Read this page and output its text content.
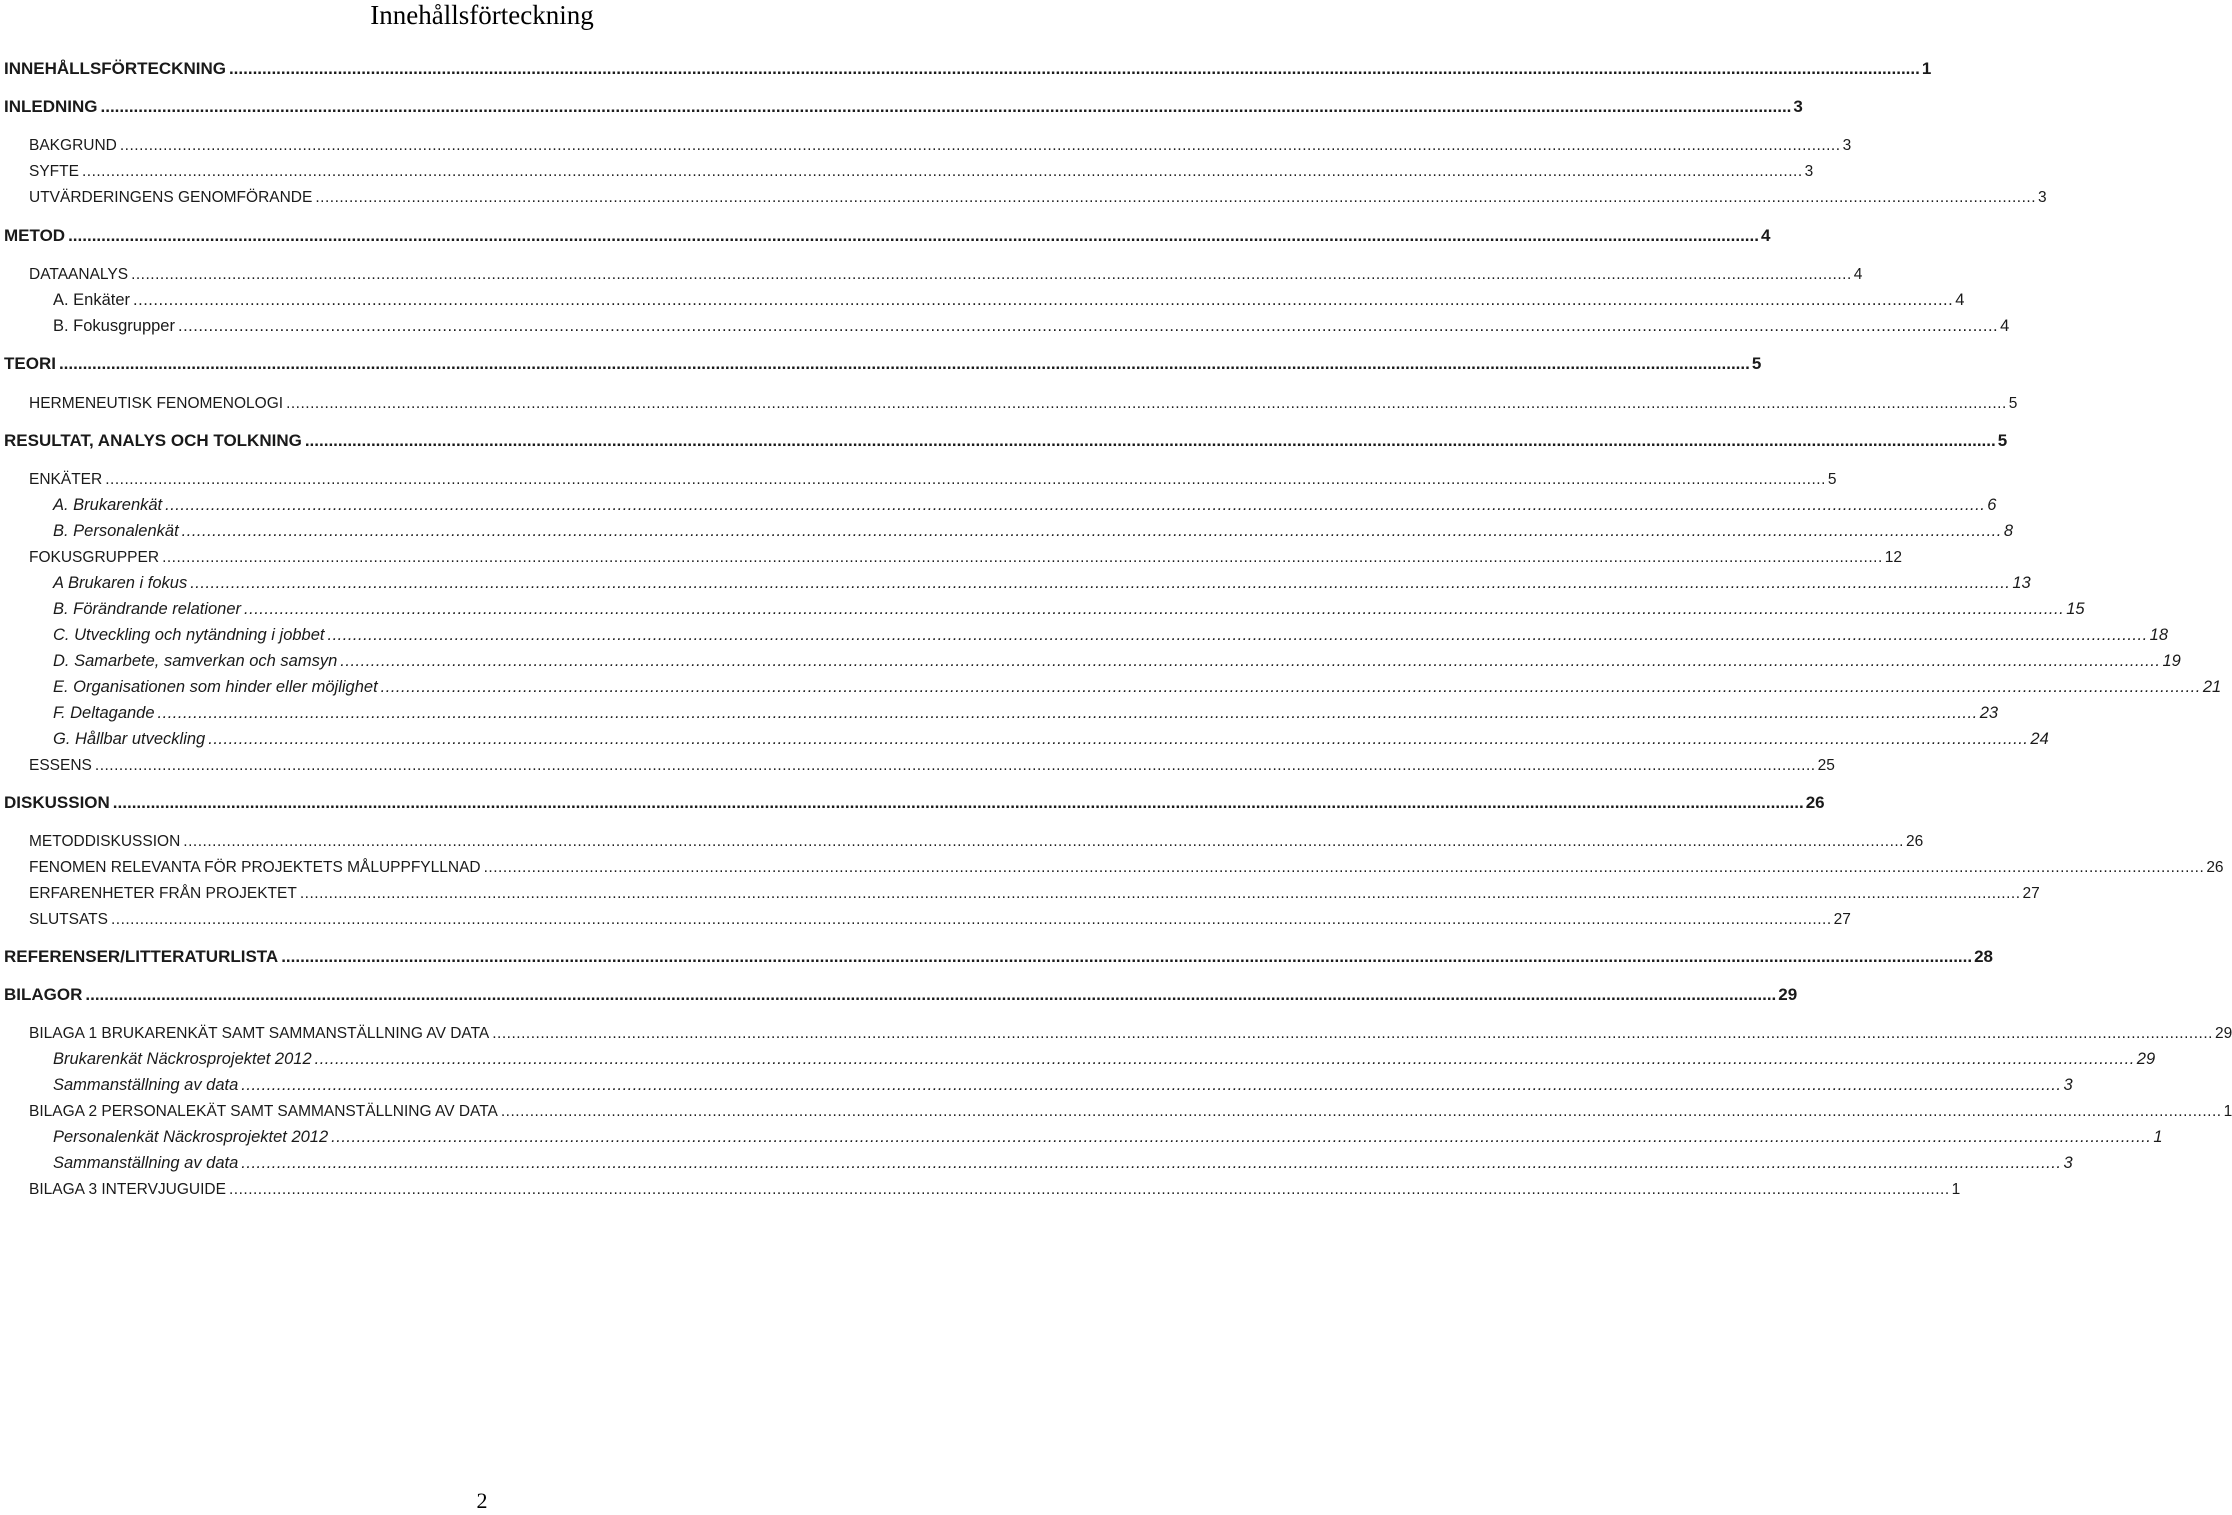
Innehållsförteckning
INNEHÅLLSFÖRTECKNING .....	1
INLEDNING .....	3
BAKGRUND .....	3
SYFTE .....	3
UTVÄRDERINGENS GENOMFÖRANDE .....	3
METOD .....	4
DATAANALYS .....	4
A. Enkäter .....	4
B. Fokusgrupper .....	4
TEORI .....	5
HERMENEUTISK FENOMENOLOGI .....	5
RESULTAT, ANALYS OCH TOLKNING .....	5
ENKÄTER .....	5
A. Brukarenkät .....	6
B. Personalenkät .....	8
FOKUSGRUPPER .....	12
A Brukaren i fokus .....	13
B. Förändrande relationer .....	15
C. Utveckling och nytändning i jobbet .....	18
D. Samarbete, samverkan och samsyn .....	19
E. Organisationen som hinder eller möjlighet .....	21
F. Deltagande .....	23
G. Hållbar utveckling .....	24
ESSENS .....	25
DISKUSSION .....	26
METODDISKUSSION .....	26
FENOMEN RELEVANTA FÖR PROJEKTETS MÅLUPPFYLLNAD .....	26
ERFARENHETER FRÅN PROJEKTET .....	27
SLUTSATS .....	27
REFERENSER/LITTERATURLISTA .....	28
BILAGOR .....	29
BILAGA 1 BRUKARENKÄT SAMT SAMMANSTÄLLNING AV DATA .....	29
Brukarenkät Näckrosprojektet 2012 .....	29
Sammanställning av data .....	3
BILAGA 2 PERSONALEKÄT SAMT SAMMANSTÄLLNING AV DATA .....	1
Personalenkät Näckrosprojektet 2012 .....	1
Sammanställning av data .....	3
BILAGA 3 INTERVJUGUIDE .....	1
2
